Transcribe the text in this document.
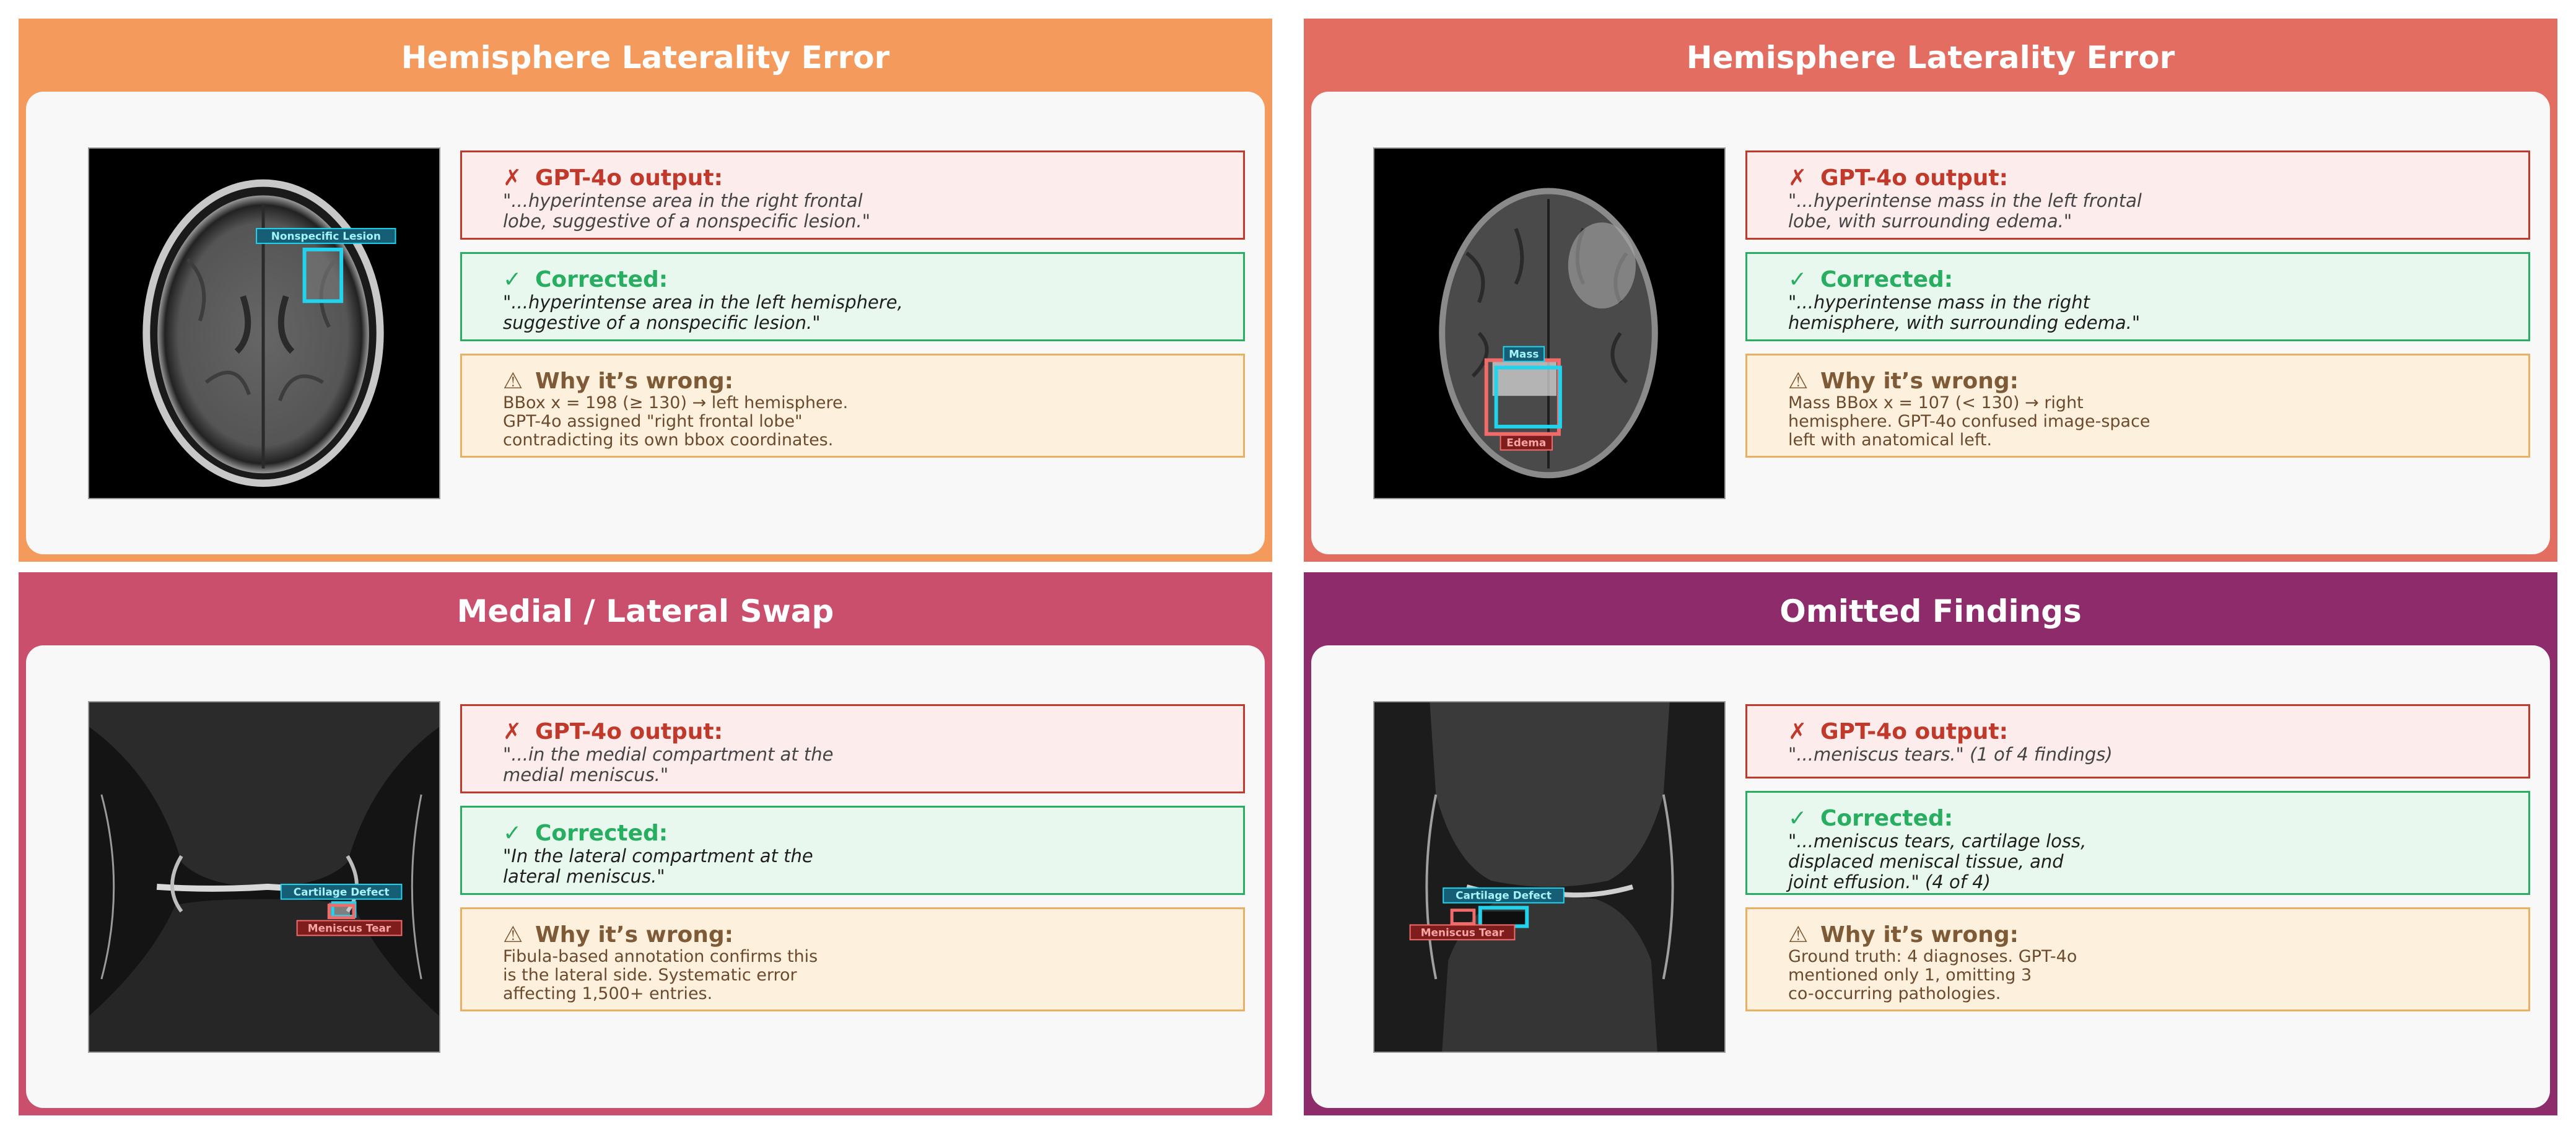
Hemisphere Laterality Error
Nonspecific Lesion
✗ GPT-4o output:
"...hyperintense area in the right frontal
lobe, suggestive of a nonspecific lesion."
✓ Corrected:
"...hyperintense area in the left hemisphere,
suggestive of a nonspecific lesion."
⚠ Why it’s wrong:
BBox x = 198 (≥ 130) → left hemisphere.
GPT-4o assigned "right frontal lobe"
contradicting its own bbox coordinates.
Hemisphere Laterality Error
Mass
Edema
✗ GPT-4o output:
"...hyperintense mass in the left frontal
lobe, with surrounding edema."
✓ Corrected:
"...hyperintense mass in the right
hemisphere, with surrounding edema."
⚠ Why it’s wrong:
Mass BBox x = 107 (< 130) → right
hemisphere. GPT-4o confused image-space
left with anatomical left.
Medial / Lateral Swap
Cartilage Defect
Meniscus Tear
✗ GPT-4o output:
"...in the medial compartment at the
medial meniscus."
✓ Corrected:
"In the lateral compartment at the
lateral meniscus."
⚠ Why it’s wrong:
Fibula-based annotation confirms this
is the lateral side. Systematic error
affecting 1,500+ entries.
Omitted Findings
Cartilage Defect
Meniscus Tear
✗ GPT-4o output:
"...meniscus tears." (1 of 4 findings)
✓ Corrected:
"...meniscus tears, cartilage loss,
displaced meniscal tissue, and
joint effusion." (4 of 4)
⚠ Why it’s wrong:
Ground truth: 4 diagnoses. GPT-4o
mentioned only 1, omitting 3
co-occurring pathologies.
